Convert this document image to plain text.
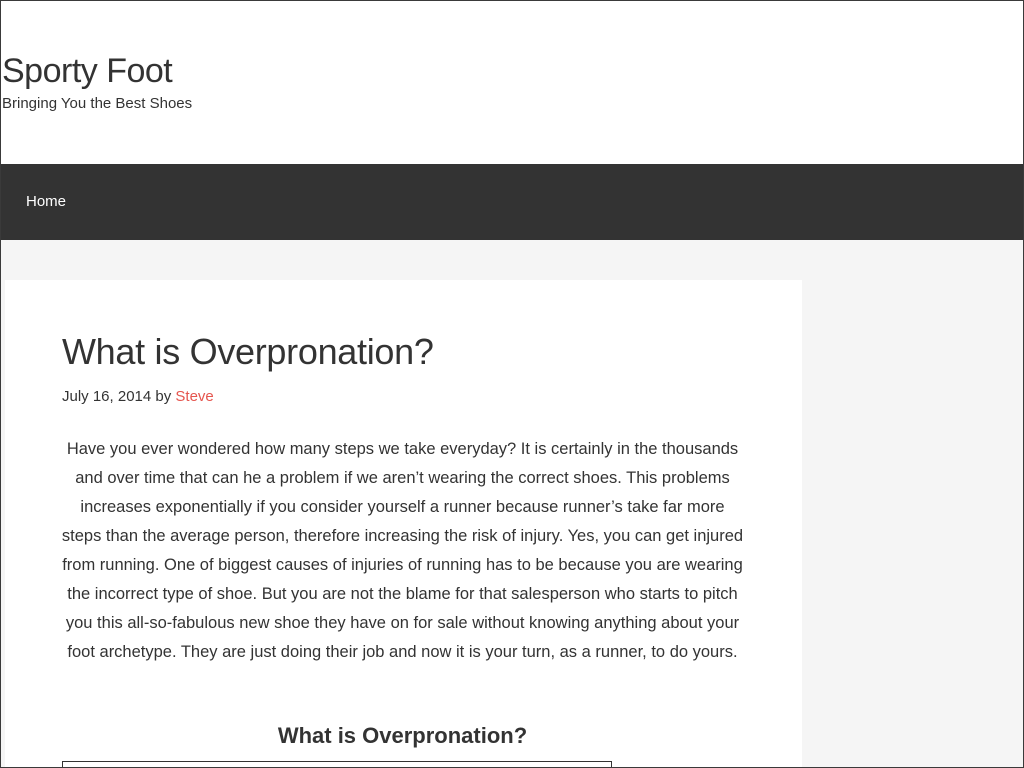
Sporty Foot

Bringing You the Best Shoes

Home
What is Overpronation?
July 16, 2014 by Steve

Have you ever wondered how many steps we take everyday? It is certainly in the thousands and over time that can he a problem if we aren’t wearing the correct shoes. This problems increases exponentially if you consider yourself a runner because runner’s take far more steps than the average person, therefore increasing the risk of injury. Yes, you can get injured from running. One of biggest causes of injuries of running has to be because you are wearing the incorrect type of shoe. But you are not the blame for that salesperson who starts to pitch you this all-so-fabulous new shoe they have on for sale without knowing anything about your foot archetype. They are just doing their job and now it is your turn, as a runner, to do yours.

What is Overpronation?
